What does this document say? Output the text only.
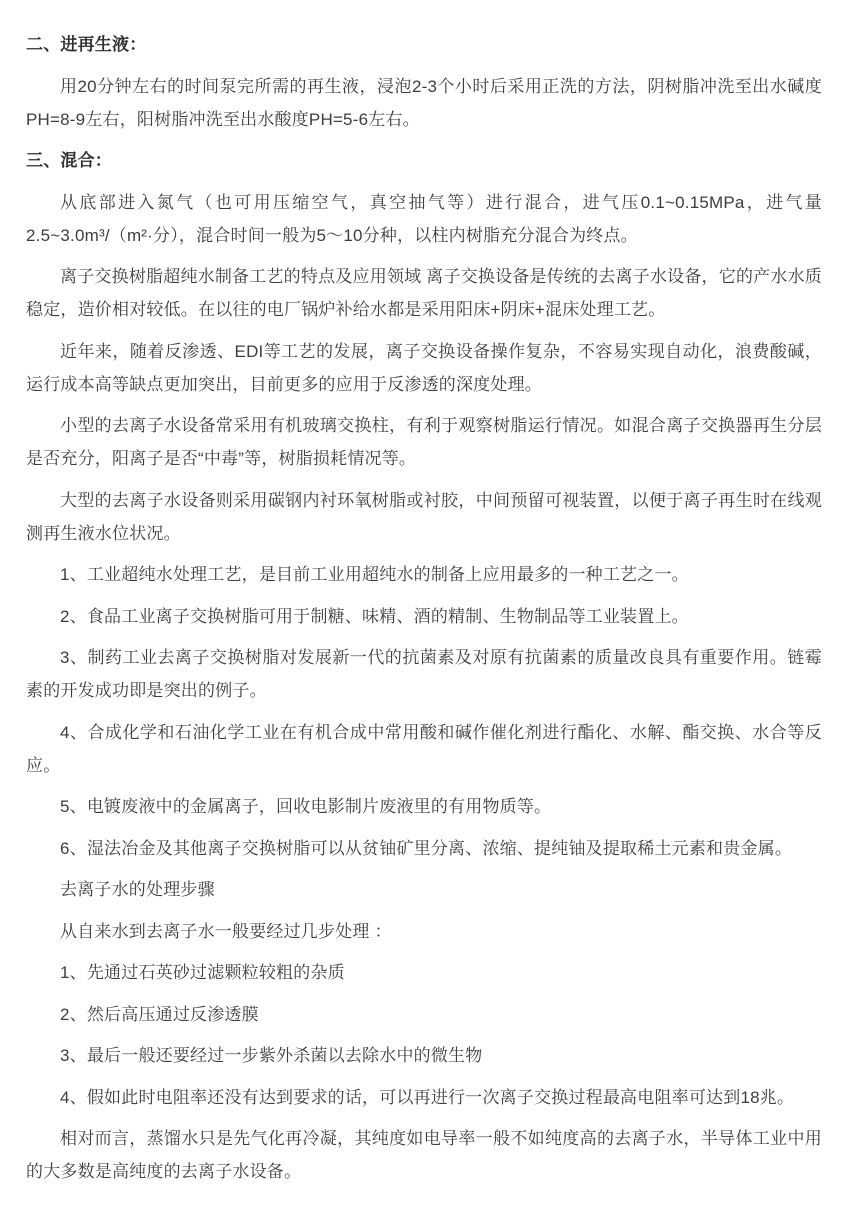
二、进再生液：

用20分钟左右的时间泵完所需的再生液，浸泡2-3个小时后采用正洗的方法，阴树脂冲洗至出水碱度PH=8-9左右，阳树脂冲洗至出水酸度PH=5-6左右。

三、混合：

从底部进入氮气（也可用压缩空气，真空抽气等）进行混合，进气压0.1~0.15MPa，进气量2.5~3.0m³/（m²·分），混合时间一般为5～10分种，以柱内树脂充分混合为终点。

离子交换树脂超纯水制备工艺的特点及应用领域 离子交换设备是传统的去离子水设备，它的产水水质稳定，造价相对较低。在以往的电厂锅炉补给水都是采用阳床+阴床+混床处理工艺。

近年来，随着反渗透、EDI等工艺的发展，离子交换设备操作复杂，不容易实现自动化，浪费酸碱，运行成本高等缺点更加突出，目前更多的应用于反渗透的深度处理。

小型的去离子水设备常采用有机玻璃交换柱，有利于观察树脂运行情况。如混合离子交换器再生分层是否充分，阳离子是否“中毒”等，树脂损耗情况等。

大型的去离子水设备则采用碳钢内衬环氧树脂或衬胶，中间预留可视装置，以便于离子再生时在线观测再生液水位状况。

1、工业超纯水处理工艺，是目前工业用超纯水的制备上应用最多的一种工艺之一。

2、食品工业离子交换树脂可用于制糖、味精、酒的精制、生物制品等工业装置上。

3、制药工业去离子交换树脂对发展新一代的抗菌素及对原有抗菌素的质量改良具有重要作用。链霉素的开发成功即是突出的例子。

4、合成化学和石油化学工业在有机合成中常用酸和碱作催化剂进行酯化、水解、酯交换、水合等反应。

5、电镀废液中的金属离子，回收电影制片废液里的有用物质等。

6、湿法冶金及其他离子交换树脂可以从贫铀矿里分离、浓缩、提纯铀及提取稀土元素和贵金属。

去离子水的处理步骤

从自来水到去离子水一般要经过几步处理 ：

1、先通过石英砂过滤颗粒较粗的杂质

2、然后高压通过反渗透膜

3、最后一般还要经过一步紫外杀菌以去除水中的微生物

4、假如此时电阻率还没有达到要求的话，可以再进行一次离子交换过程最高电阻率可达到18兆。

相对而言，蒸馏水只是先气化再冷凝，其纯度如电导率一般不如纯度高的去离子水，半导体工业中用的大多数是高纯度的去离子水设备。
